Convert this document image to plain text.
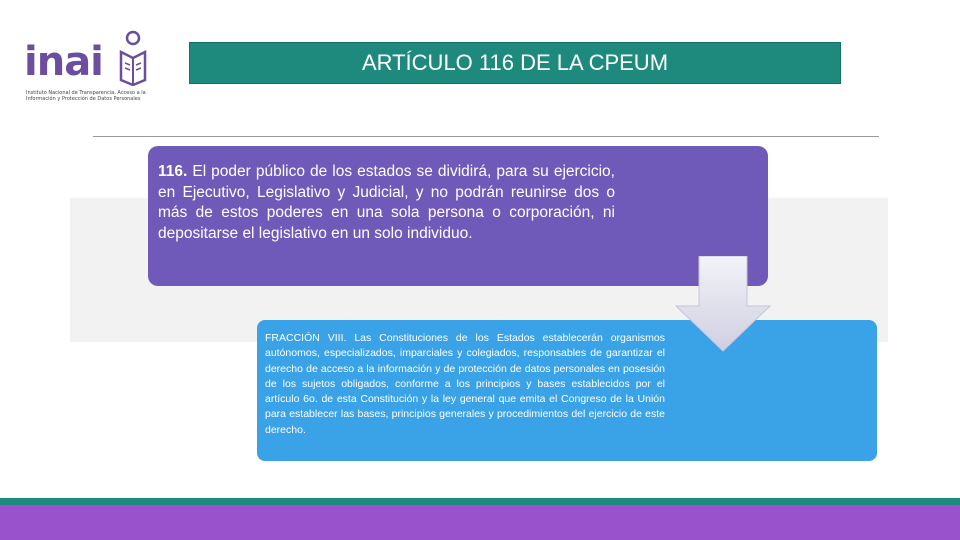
inai
Instituto Nacional de Transparencia, Acceso a la Información y Protección de Datos Personales
ARTÍCULO 116 DE LA CPEUM
116. El poder público de los estados se dividirá, para su ejercicio, en Ejecutivo, Legislativo y Judicial, y no podrán reunirse dos o más de estos poderes en una sola persona o corporación, ni depositarse el legislativo en un solo individuo.
FRACCIÓN VIII. Las Constituciones de los Estados establecerán organismos autónomos, especializados, imparciales y colegiados, responsables de garantizar el derecho de acceso a la información y de protección de datos personales en posesión de los sujetos obligados, conforme a los principios y bases establecidos por el artículo 6o. de esta Constitución y la ley general que emita el Congreso de la Unión para establecer las bases, principios generales y procedimientos del ejercicio de este derecho.
